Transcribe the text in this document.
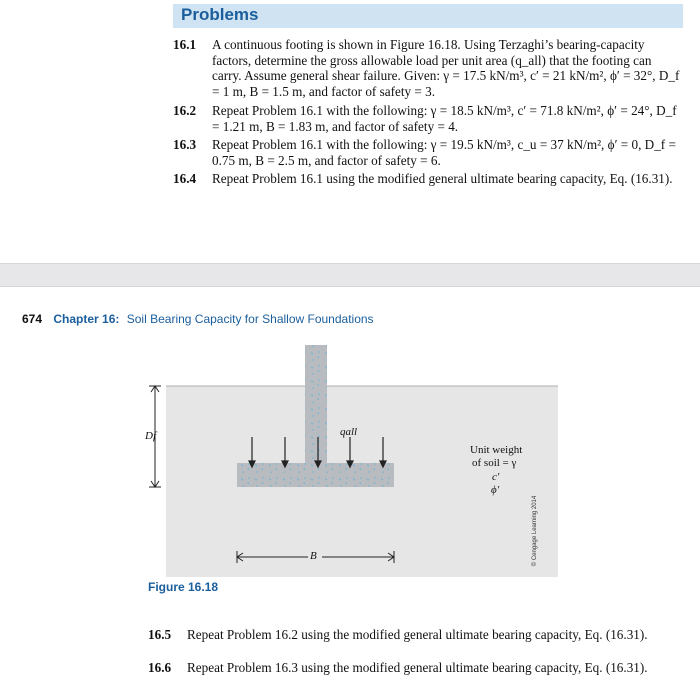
Problems
16.1 A continuous footing is shown in Figure 16.18. Using Terzaghi’s bearing-capacity factors, determine the gross allowable load per unit area (q_all) that the footing can carry. Assume general shear failure. Given: γ = 17.5 kN/m³, c′ = 21 kN/m², ϕ′ = 32°, D_f = 1 m, B = 1.5 m, and factor of safety = 3.
16.2 Repeat Problem 16.1 with the following: γ = 18.5 kN/m³, c′ = 71.8 kN/m², ϕ′ = 24°, D_f = 1.21 m, B = 1.83 m, and factor of safety = 4.
16.3 Repeat Problem 16.1 with the following: γ = 19.5 kN/m³, c_u = 37 kN/m², ϕ′ = 0, D_f = 0.75 m, B = 2.5 m, and factor of safety = 6.
16.4 Repeat Problem 16.1 using the modified general ultimate bearing capacity, Eq. (16.31).
674 Chapter 16: Soil Bearing Capacity for Shallow Foundations
Df	qall
B
Unit weight
of soil = γ
c′
ϕ′
© Cengage Learning 2014
Figure 16.18
16.5 Repeat Problem 16.2 using the modified general ultimate bearing capacity, Eq. (16.31).
16.6 Repeat Problem 16.3 using the modified general ultimate bearing capacity, Eq. (16.31).
